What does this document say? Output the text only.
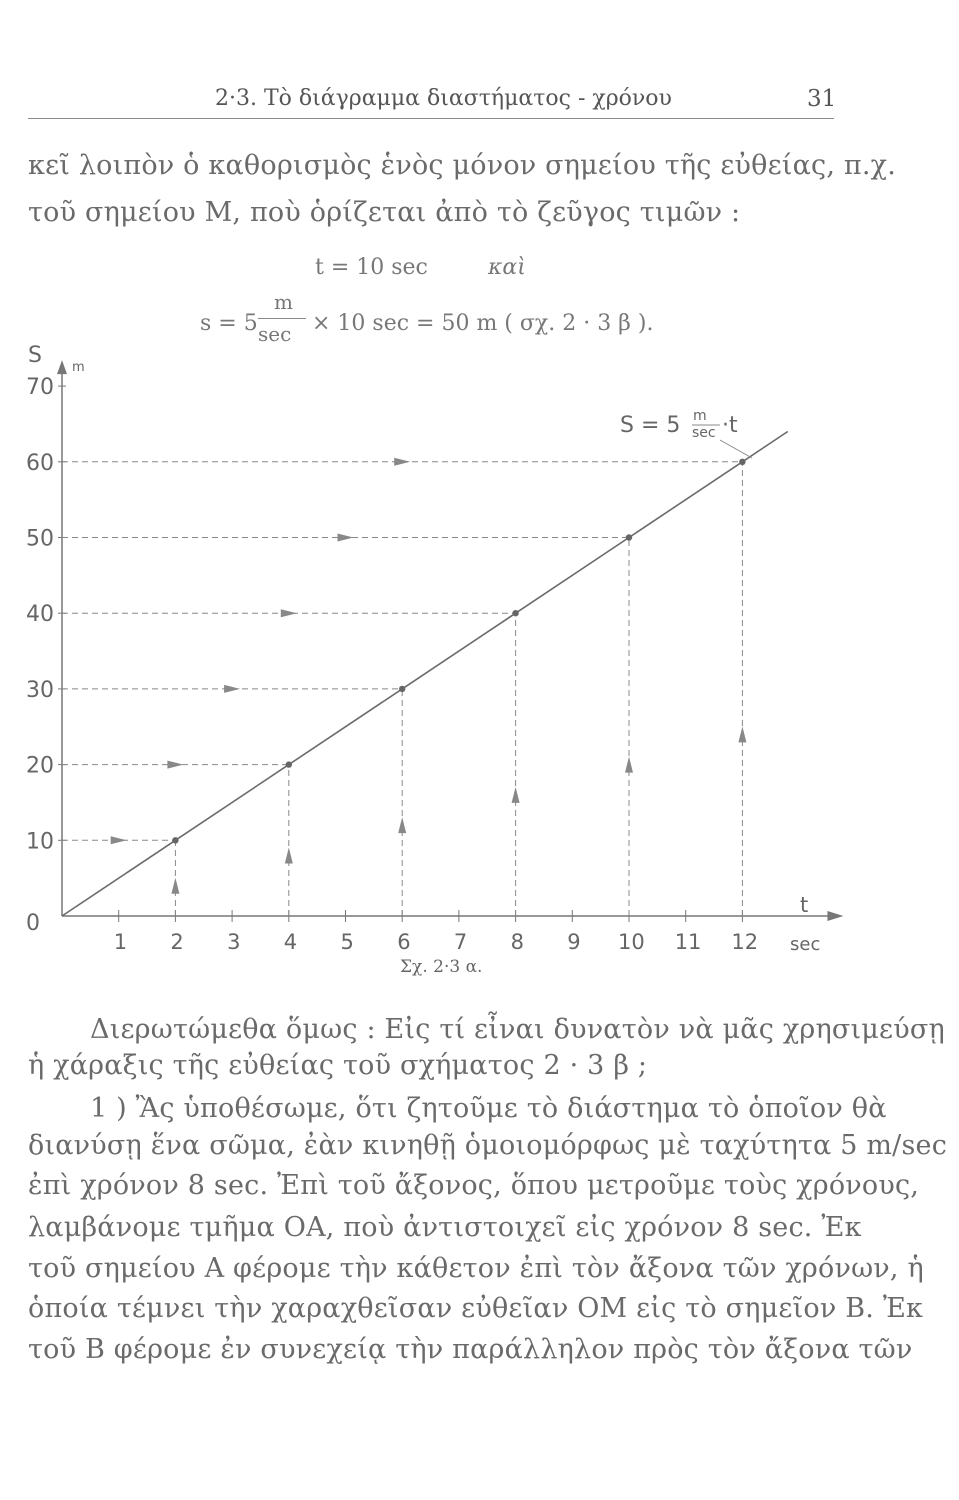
2·3. Τὸ διάγραμμα διαστήματος - χρόνου	31
κεῖ λοιπὸν ὁ καθορισμὸς ἑνὸς μόνον σημείου τῆς εὐθείας, π.χ.
τοῦ σημείου Μ, ποὺ ὁρίζεται ἀπὸ τὸ ζεῦγος τιμῶν :
t = 10 sec	καὶ
s = 5
m
sec × 10 sec = 50 m ( σχ. 2 · 3 β ).
0
10
20
30
40
50
60
70
1 2 3 4 5 6 7 8 9 10 11 12
S m
t
sec
S = 5 m
sec ·t
Σχ. 2·3 α.
Διερωτώμεθα ὅμως : Εἰς τί εἶναι δυνατὸν νὰ μᾶς χρησιμεύσῃ
ἡ χάραξις τῆς εὐθείας τοῦ σχήματος 2 · 3 β ;
1 ) Ἂς ὑποθέσωμε, ὅτι ζητοῦμε τὸ διάστημα τὸ ὁποῖον θὰ
διανύσῃ ἕνα σῶμα, ἐὰν κινηθῇ ὁμοιομόρφως μὲ ταχύτητα 5 m/sec
ἐπὶ χρόνον 8 sec. Ἐπὶ τοῦ ἄξονος, ὅπου μετροῦμε τοὺς χρόνους,
λαμβάνομε τμῆμα ΟΑ, ποὺ ἀντιστοιχεῖ εἰς χρόνον 8 sec. Ἐκ
τοῦ σημείου Α φέρομε τὴν κάθετον ἐπὶ τὸν ἄξονα τῶν χρόνων, ἡ
ὁποία τέμνει τὴν χαραχθεῖσαν εὐθεῖαν ΟΜ εἰς τὸ σημεῖον Β. Ἐκ
τοῦ Β φέρομε ἐν συνεχείᾳ τὴν παράλληλον πρὸς τὸν ἄξονα τῶν
